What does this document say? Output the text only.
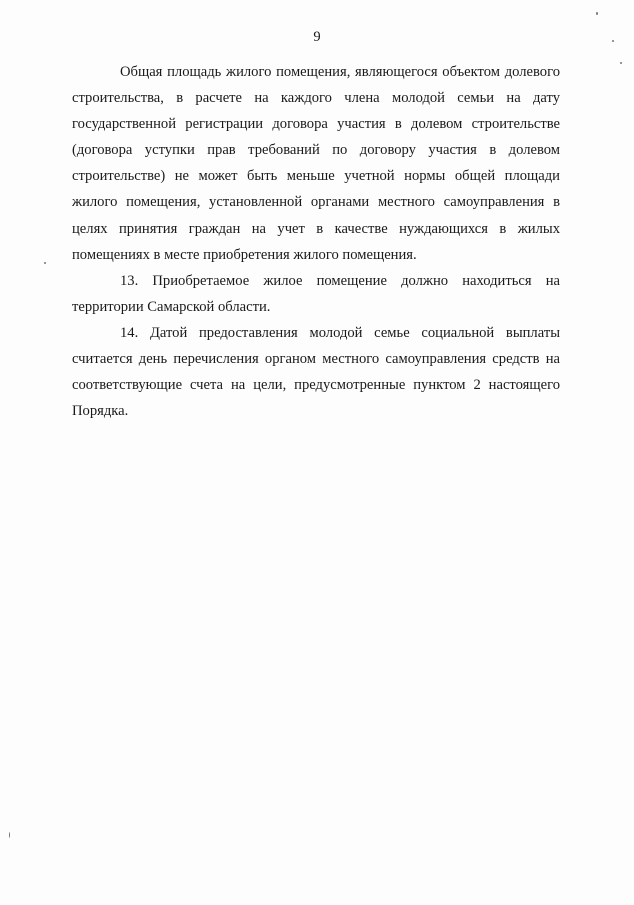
9

Общая площадь жилого помещения, являющегося объектом долевого строительства, в расчете на каждого члена молодой семьи на дату государственной регистрации договора участия в долевом строительстве (договора уступки прав требований по договору участия в долевом строительстве) не может быть меньше учетной нормы общей площади жилого помещения, установленной органами местного самоуправления в целях принятия граждан на учет в качестве нуждающихся в жилых помещениях в месте приобретения жилого помещения.

13. Приобретаемое жилое помещение должно находиться на территории Самарской области.

14. Датой предоставления молодой семье социальной выплаты считается день перечисления органом местного самоуправления средств на соответствующие счета на цели, предусмотренные пунктом 2 настоящего Порядка.
